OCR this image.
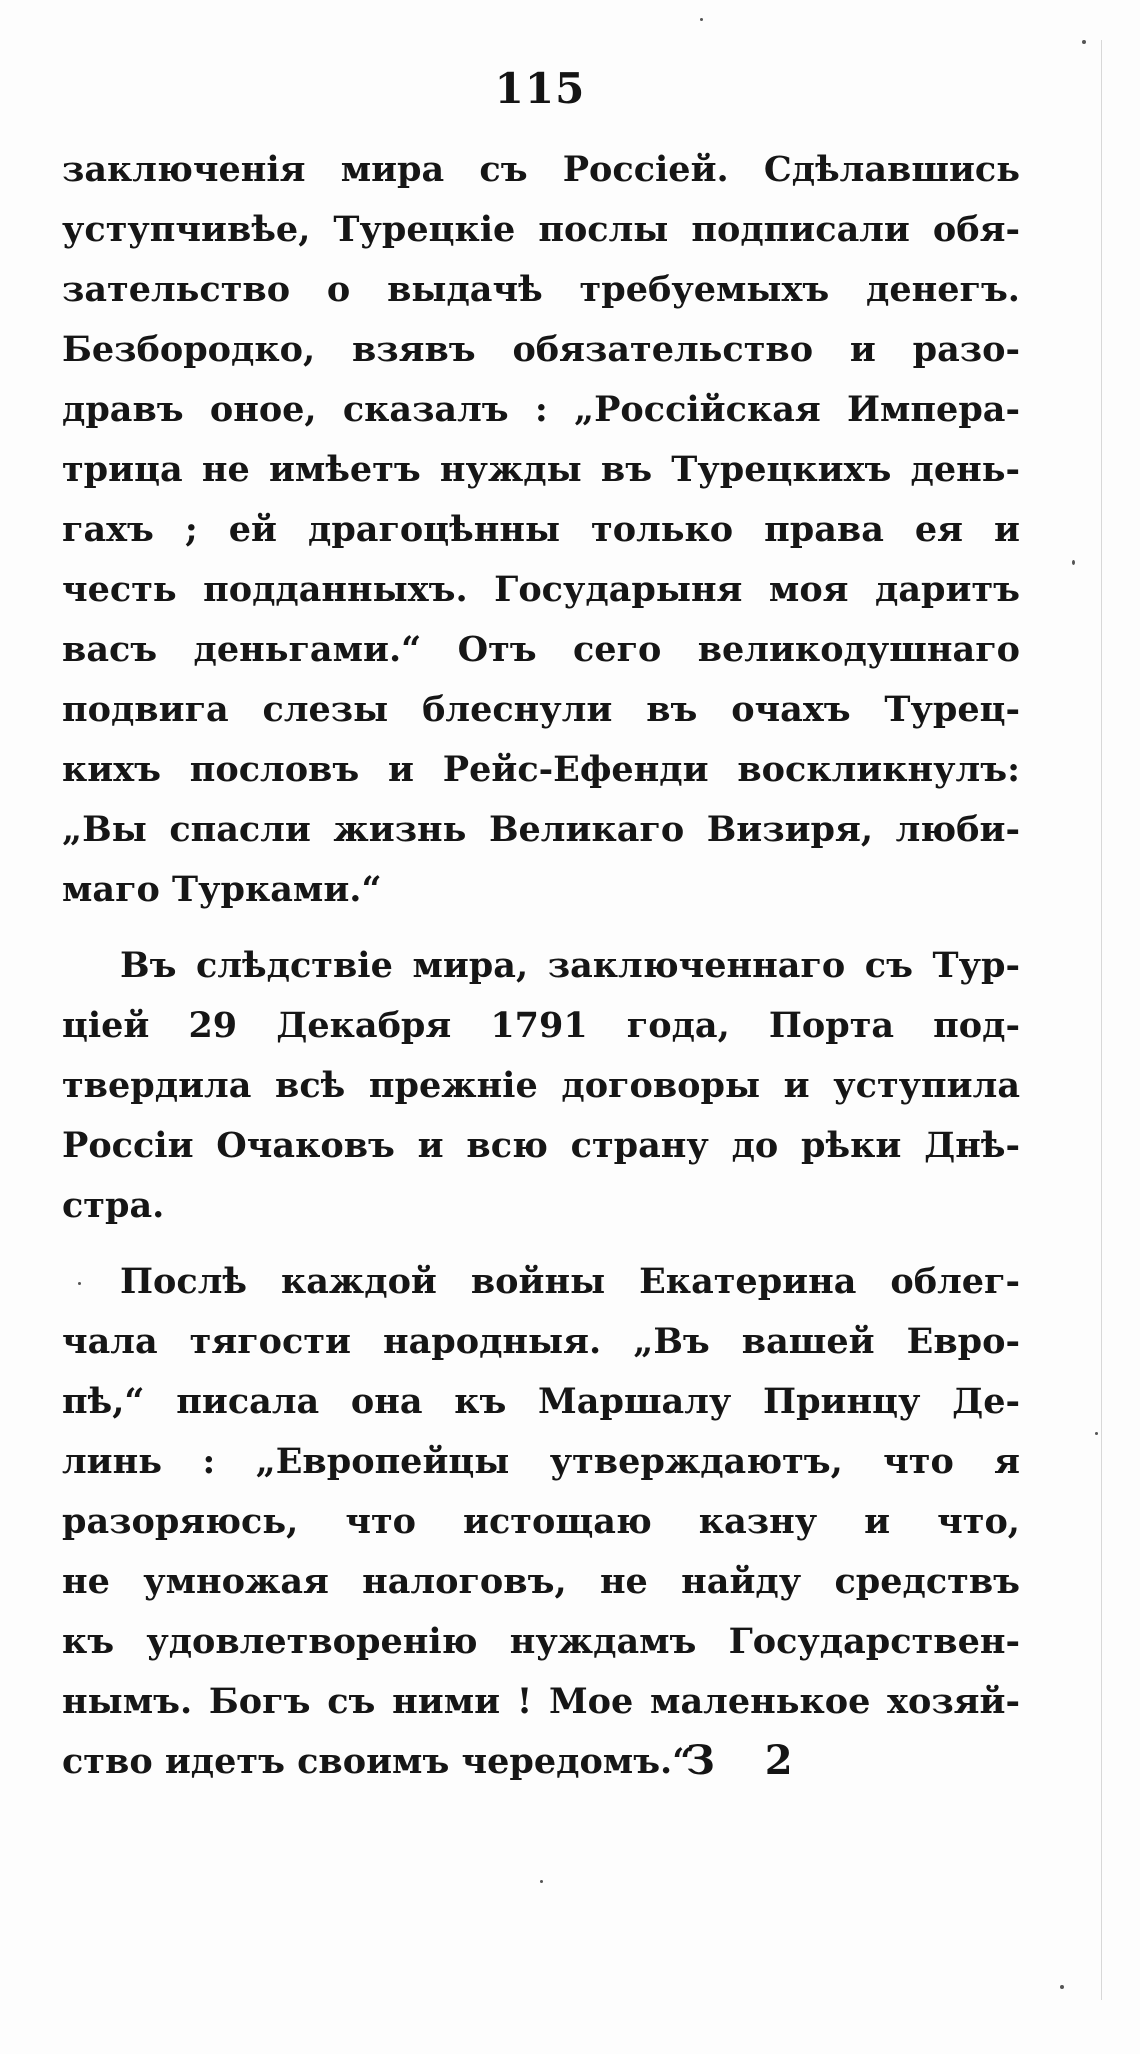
115
заключенія мира съ Россіей. Сдѣлавшись
уступчивѣе, Турецкіе послы подписали обя-
зательство о выдачѣ требуемыхъ денегъ.
Безбородко, взявъ обязательство и разо-
дравъ оное, сказалъ : „Россійская Импера-
трица не имѣетъ нужды въ Турецкихъ день-
гахъ ; ей драгоцѣнны только права ея и
честь подданныхъ. Государыня моя даритъ
васъ деньгами.“ Отъ сего великодушнаго
подвига слезы блеснули въ очахъ Турец-
кихъ пословъ и Рейс-Ефенди воскликнулъ:
„Вы спасли жизнь Великаго Визиря, люби-
маго Турками.“
Въ слѣдствіе мира, заключеннаго съ Тур-
ціей 29 Декабря 1791 года, Порта под-
твердила всѣ прежніе договоры и уступила
Россіи Очаковъ и всю страну до рѣки Днѣ-
стра.
Послѣ каждой войны Екатерина облег-
чала тягости народныя. „Въ вашей Евро-
пѣ,“ писала она къ Маршалу Принцу Де-
линь : „Европейцы утверждаютъ, что я
разоряюсь, что истощаю казну и что,
не умножая налоговъ, не найду средствъ
къ удовлетворенію нуждамъ Государствен-
нымъ. Богъ съ ними ! Мое маленькое хозяй-
ство идетъ своимъ чередомъ.“
З 2
